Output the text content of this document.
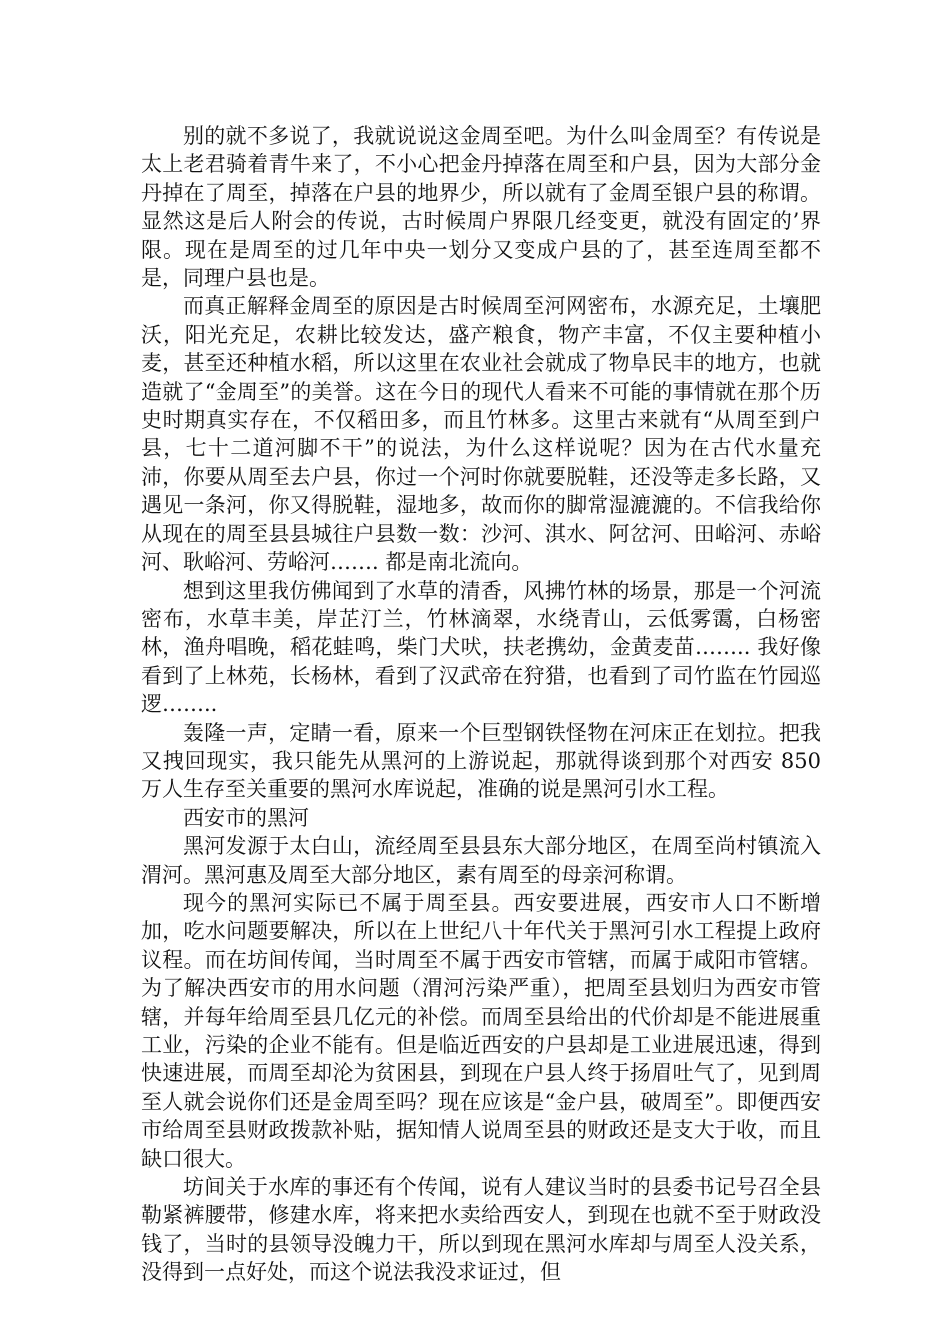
别的就不多说了，我就说说这金周至吧。为什么叫金周至？有传说是太上老君骑着青牛来了，不小心把金丹掉落在周至和户县，因为大部分金丹掉在了周至，掉落在户县的地界少，所以就有了金周至银户县的称谓。显然这是后人附会的传说，古时候周户界限几经变更，就没有固定的’界限。现在是周至的过几年中央一划分又变成户县的了，甚至连周至都不是，同理户县也是。

而真正解释金周至的原因是古时候周至河网密布，水源充足，土壤肥沃，阳光充足，农耕比较发达，盛产粮食，物产丰富，不仅主要种植小麦，甚至还种植水稻，所以这里在农业社会就成了物阜民丰的地方，也就造就了“金周至”的美誉。这在今日的现代人看来不可能的事情就在那个历史时期真实存在，不仅稻田多，而且竹林多。这里古来就有“从周至到户县，七十二道河脚不干”的说法，为什么这样说呢？因为在古代水量充沛，你要从周至去户县，你过一个河时你就要脱鞋，还没等走多长路，又遇见一条河，你又得脱鞋，湿地多，故而你的脚常湿漉漉的。不信我给你从现在的周至县县城往户县数一数：沙河、淇水、阿岔河、田峪河、赤峪河、耿峪河、劳峪河……. 都是南北流向。

想到这里我仿佛闻到了水草的清香，风拂竹林的场景，那是一个河流密布，水草丰美，岸芷汀兰，竹林滴翠，水绕青山，云低雾霭，白杨密林，渔舟唱晚，稻花蛙鸣，柴门犬吠，扶老携幼，金黄麦苗…….. 我好像看到了上林苑，长杨林，看到了汉武帝在狩猎，也看到了司竹监在竹园巡逻……..

轰隆一声，定睛一看，原来一个巨型钢铁怪物在河床正在划拉。把我又拽回现实，我只能先从黑河的上游说起，那就得谈到那个对西安 850 万人生存至关重要的黑河水库说起，准确的说是黑河引水工程。

西安市的黑河

黑河发源于太白山，流经周至县县东大部分地区，在周至尚村镇流入渭河。黑河惠及周至大部分地区，素有周至的母亲河称谓。

现今的黑河实际已不属于周至县。西安要进展，西安市人口不断增加，吃水问题要解决，所以在上世纪八十年代关于黑河引水工程提上政府议程。而在坊间传闻，当时周至不属于西安市管辖，而属于咸阳市管辖。为了解决西安市的用水问题（渭河污染严重），把周至县划归为西安市管辖，并每年给周至县几亿元的补偿。而周至县给出的代价却是不能进展重工业，污染的企业不能有。但是临近西安的户县却是工业进展迅速，得到快速进展，而周至却沦为贫困县，到现在户县人终于扬眉吐气了，见到周至人就会说你们还是金周至吗？现在应该是“金户县，破周至”。即便西安市给周至县财政拨款补贴，据知情人说周至县的财政还是支大于收，而且缺口很大。

坊间关于水库的事还有个传闻，说有人建议当时的县委书记号召全县勒紧裤腰带，修建水库，将来把水卖给西安人，到现在也就不至于财政没钱了，当时的县领导没魄力干，所以到现在黑河水库却与周至人没关系，没得到一点好处，而这个说法我没求证过，但
